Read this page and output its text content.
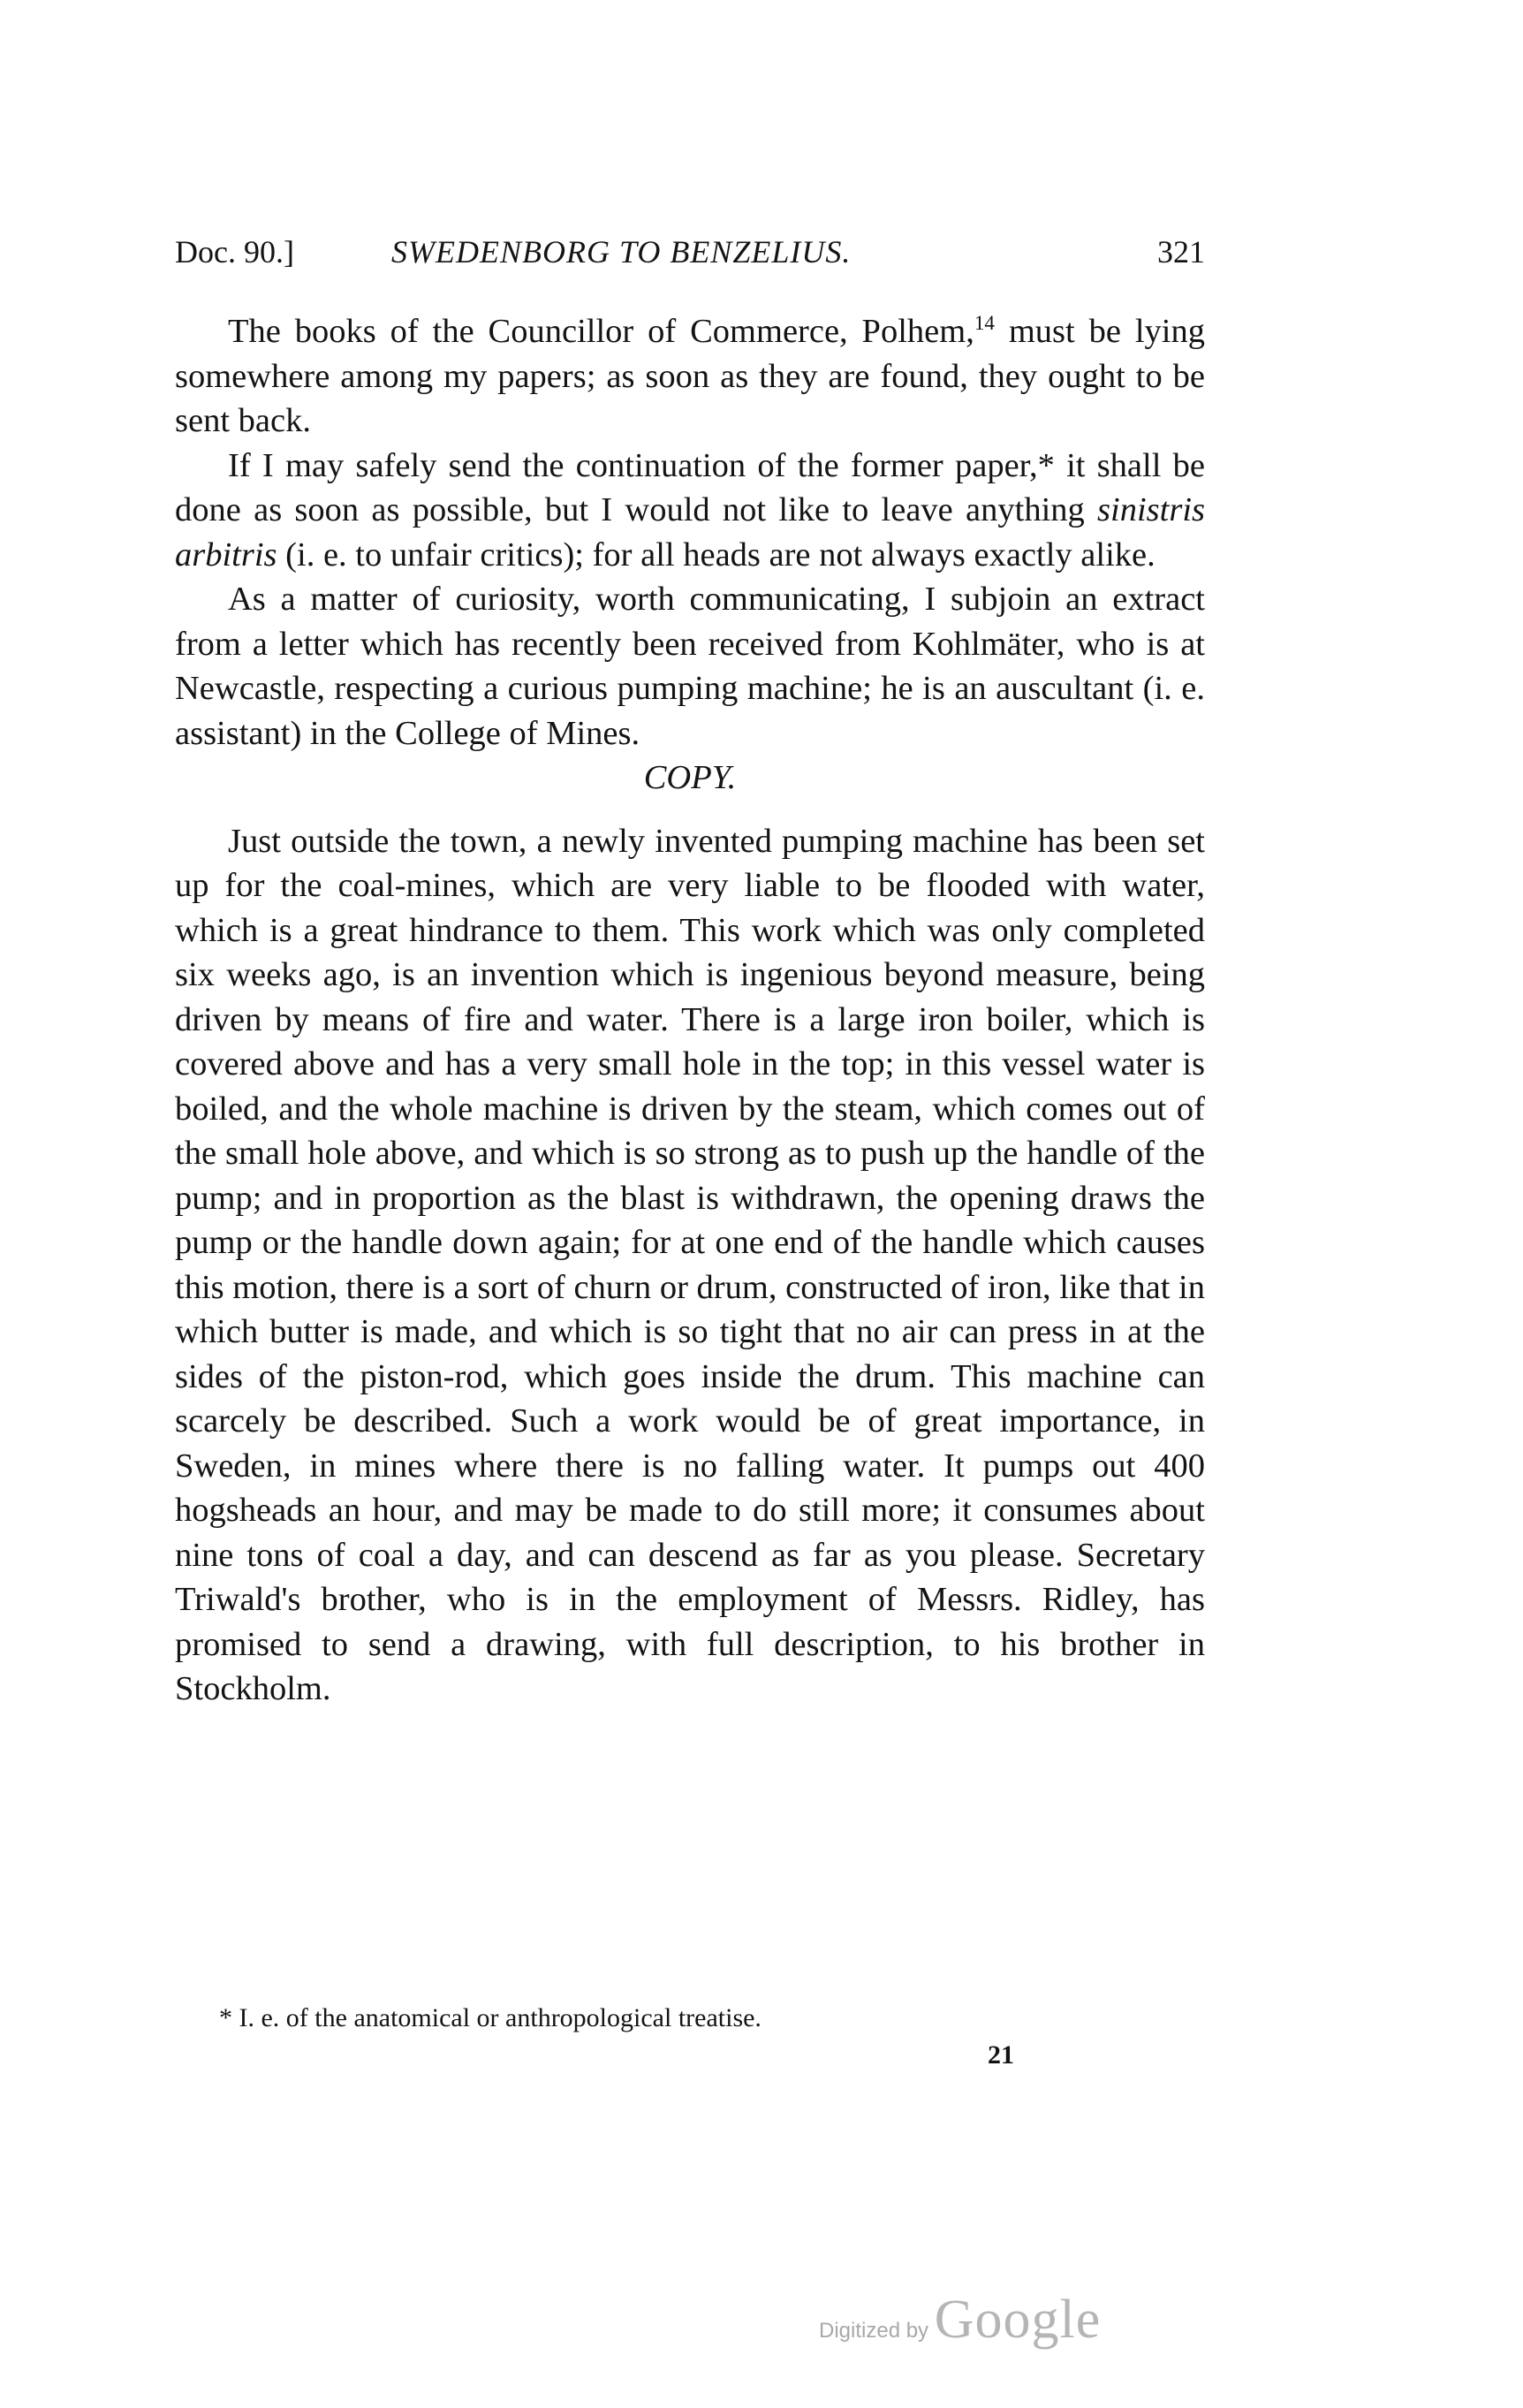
Doc. 90.]	SWEDENBORG TO BENZELIUS.	321

The books of the Councillor of Commerce, Polhem,$^{14}$ must be lying somewhere among my papers; as soon as they are found, they ought to be sent back.

If I may safely send the continuation of the former paper,* it shall be done as soon as possible, but I would not like to leave anything sinistris arbitris (i. e. to unfair critics); for all heads are not always exactly alike.

As a matter of curiosity, worth communicating, I subjoin an extract from a letter which has recently been received from Kohlmäter, who is at Newcastle, respecting a curious pumping machine; he is an auscultant (i. e. assistant) in the College of Mines.

COPY.

Just outside the town, a newly invented pumping machine has been set up for the coal-mines, which are very liable to be flooded with water, which is a great hindrance to them. This work which was only completed six weeks ago, is an invention which is ingenious beyond measure, being driven by means of fire and water. There is a large iron boiler, which is covered above and has a very small hole in the top; in this vessel water is boiled, and the whole machine is driven by the steam, which comes out of the small hole above, and which is so strong as to push up the handle of the pump; and in proportion as the blast is withdrawn, the opening draws the pump or the handle down again; for at one end of the handle which causes this motion, there is a sort of churn or drum, constructed of iron, like that in which butter is made, and which is so tight that no air can press in at the sides of the piston-rod, which goes inside the drum. This machine can scarcely be described. Such a work would be of great importance, in Sweden, in mines where there is no falling water. It pumps out 400 hogsheads an hour, and may be made to do still more; it consumes about nine tons of coal a day, and can descend as far as you please. Secretary Triwald's brother, who is in the employment of Messrs. Ridley, has promised to send a drawing, with full description, to his brother in Stockholm.

* I. e. of the anatomical or anthropological treatise.
21
Digitized by Google
